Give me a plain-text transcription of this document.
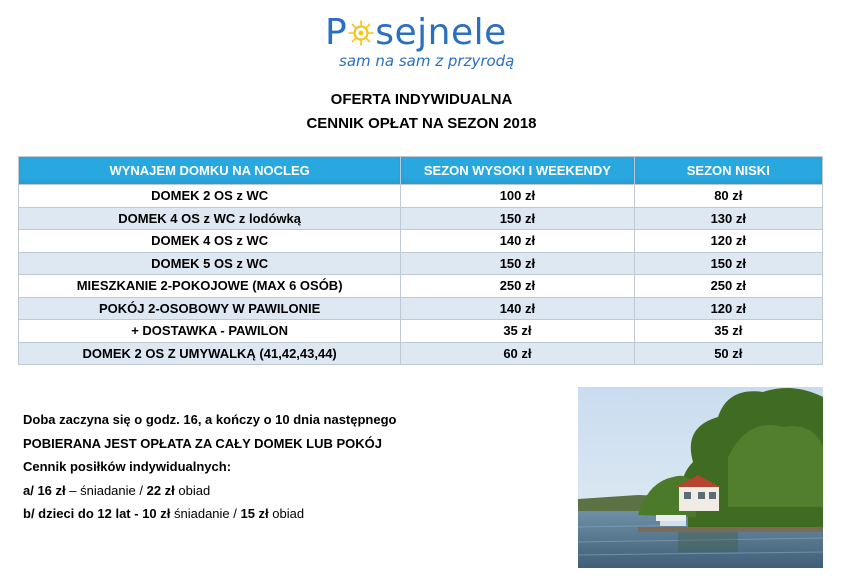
P sejnele
sam na sam z przyrodą
OFERTA INDYWIDUALNA
CENNIK OPŁAT NA SEZON 2018
WYNAJEM DOMKU NA NOCLEG	SEZON WYSOKI I WEEKENDY	SEZON NISKI
DOMEK 2 OS z WC	100 zł	80 zł
DOMEK 4 OS z WC z lodówką	150 zł	130 zł
DOMEK 4 OS z WC	140 zł	120 zł
DOMEK 5 OS z WC	150 zł	150 zł
MIESZKANIE 2-POKOJOWE (MAX 6 OSÓB)	250 zł	250 zł
POKÓJ 2-OSOBOWY W PAWILONIE	140 zł	120 zł
+ DOSTAWKA - PAWILON	35 zł	35 zł
DOMEK 2 OS Z UMYWALKĄ (41,42,43,44)	60 zł	50 zł
Doba zaczyna się o godz. 16, a kończy o 10 dnia następnego
POBIERANA JEST OPŁATA ZA CAŁY DOMEK LUB POKÓJ
Cennik posiłków indywidualnych:
a/ 16 zł – śniadanie / 22 zł obiad
b/ dzieci do 12 lat - 10 zł śniadanie / 15 zł obiad
